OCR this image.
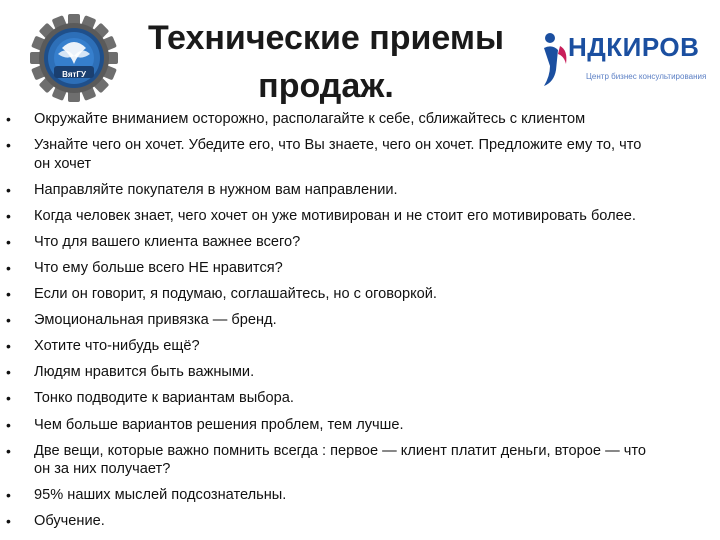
ВятГУ
Технические приемы
продаж.
НДКИРОВ
Центр бизнес консультирования
• Окружайте вниманием осторожно, располагайте к себе, сближайтесь с клиентом
• Узнайте чего он хочет. Убедите его, что Вы знаете, чего он хочет. Предложите ему то, что
он хочет
• Направляйте покупателя в нужном вам направлении.
• Когда человек знает, чего хочет он уже мотивирован и не стоит его мотивировать более.
• Что для вашего клиента важнее всего?
• Что ему больше всего НЕ нравится?
• Если он говорит, я подумаю, соглашайтесь, но с оговоркой.
• Эмоциональная привязка — бренд.
• Хотите что-нибудь ещё?
• Людям нравится быть важными.
• Тонко подводите к вариантам выбора.
• Чем больше вариантов решения проблем, тем лучше.
• Две вещи, которые важно помнить всегда : первое — клиент платит деньги, второе — что
он за них получает?
• 95% наших мыслей подсознательны.
• Обучение.
